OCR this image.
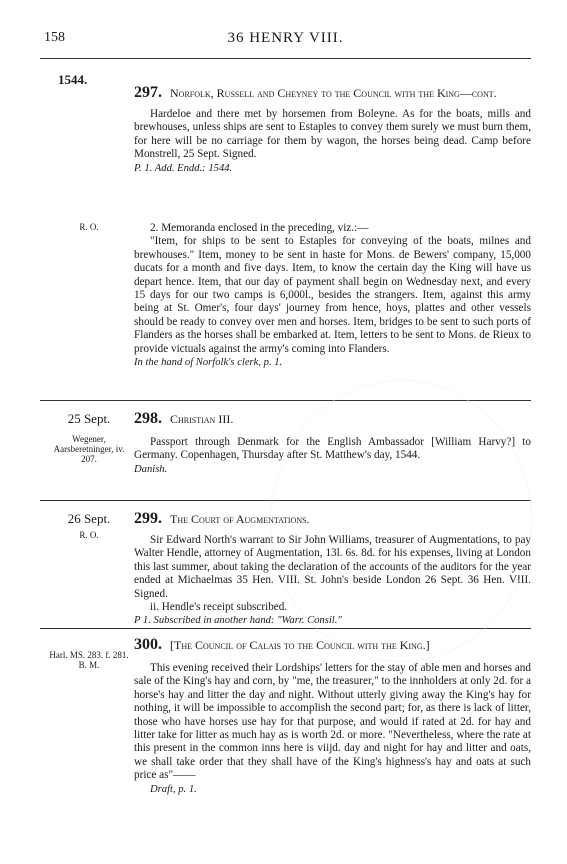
158	36 HENRY VIII.
1544.

297. Norfolk, Russell and Cheyney to the Council with the King—cont.

Hardeloe and there met by horsemen from Boleyne. As for the boats, mills and brewhouses, unless ships are sent to Estaples to convey them surely we must burn them, for here will be no carriage for them by wagon, the horses being dead. Camp before Monstrell, 25 Sept. Signed.

P. 1. Add. Endd.: 1544.

R. O.	2. Memoranda enclosed in the preceding, viz.:—

"Item, for ships to be sent to Estaples for conveying of the boats, milnes and brewhouses." Item, money to be sent in haste for Mons. de Bewers' company, 15,000 ducats for a month and five days. Item, to know the certain day the King will have us depart hence. Item, that our day of payment shall begin on Wednesday next, and every 15 days for our two camps is 6,000l., besides the strangers. Item, against this army being at St. Omer's, four days' journey from hence, hoys, plattes and other vessels should be ready to convey over men and horses. Item, bridges to be sent to such ports of Flanders as the horses shall be embarked at. Item, letters to be sent to Mons. de Rieux to provide victuals against the army's coming into Flanders.

In the hand of Norfolk's clerk, p. 1.

25 Sept.
Wegener, Aarsberetninger, iv. 207.

298. Christian III.

Passport through Denmark for the English Ambassador [William Harvy?] to Germany. Copenhagen, Thursday after St. Matthew's day, 1544.

Danish.

26 Sept.
R. O.

299. The Court of Augmentations.

Sir Edward North's warrant to Sir John Williams, treasurer of Augmentations, to pay Walter Hendle, attorney of Augmentation, 13l. 6s. 8d. for his expenses, living at London this last summer, about taking the declaration of the accounts of the auditors for the year ended at Michaelmas 35 Hen. VIII. St. John's beside London 26 Sept. 36 Hen. VIII. Signed.

ii. Hendle's receipt subscribed.

P 1. Subscribed in another hand: "Warr. Consil."

Harl. MS. 283. f. 281. B. M.

300. [The Council of Calais to the Council with the King.]

This evening received their Lordships' letters for the stay of able men and horses and sale of the King's hay and corn, by "me, the treasurer," to the innholders at only 2d. for a horse's hay and litter the day and night. Without utterly giving away the King's hay for nothing, it will be impossible to accomplish the second part; for, as there is lack of litter, those who have horses use hay for that purpose, and would if rated at 2d. for hay and litter take for litter as much hay as is worth 2d. or more. "Nevertheless, where the rate at this present in the common inns here is viijd. day and night for hay and litter and oats, we shall take order that they shall have of the King's highness's hay and oats at such price as"——

Draft, p. 1.
